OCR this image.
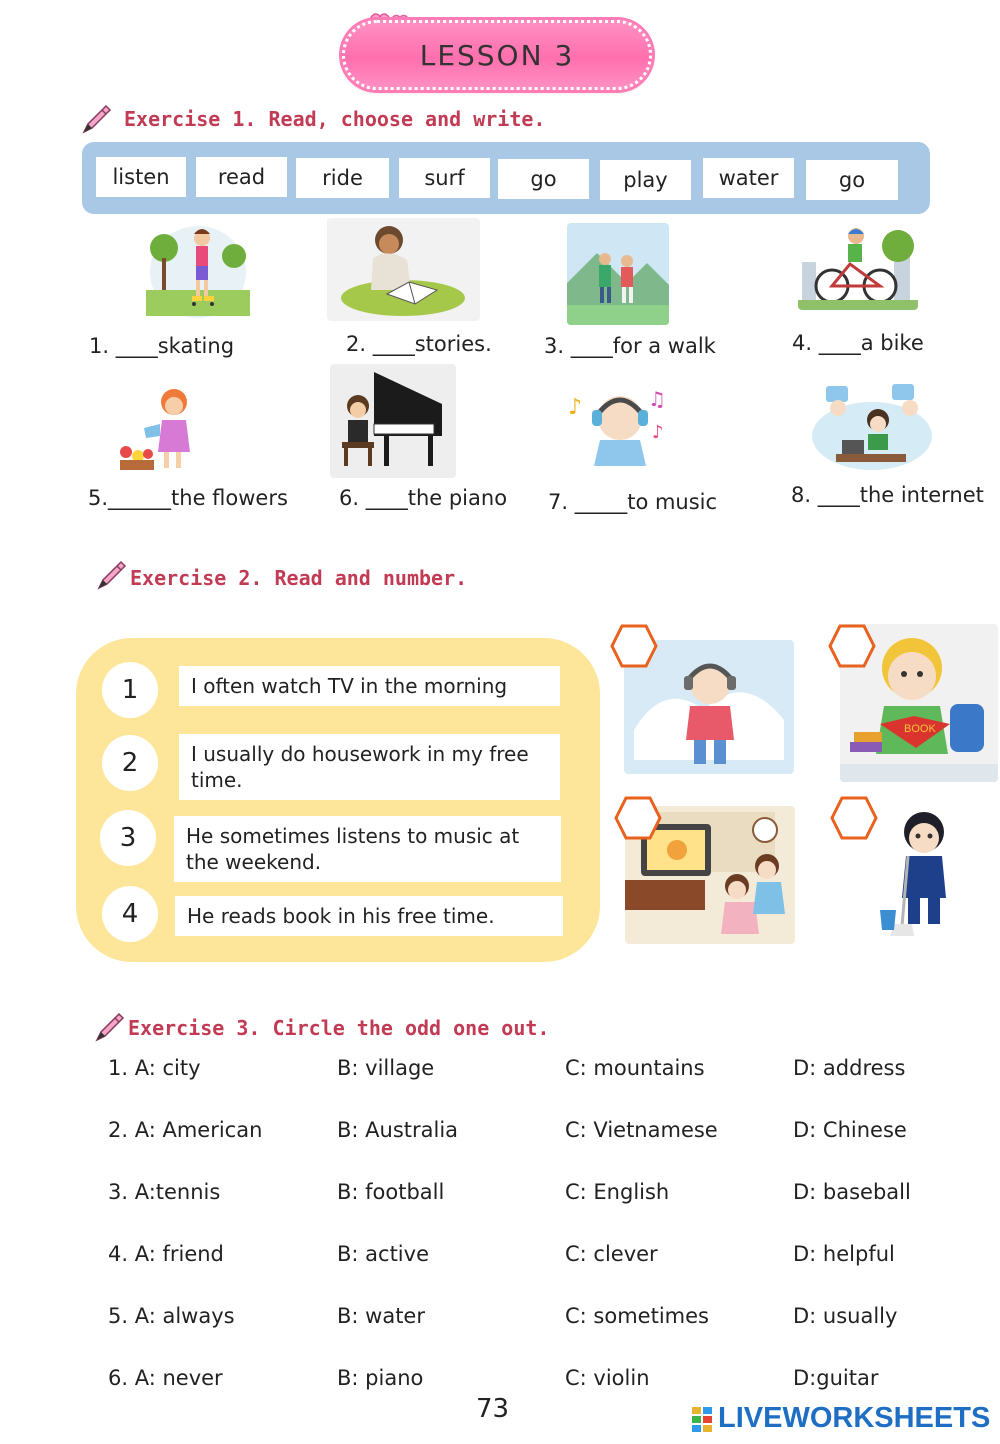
LESSON 3
Exercise 1. Read, choose and write.
listen	read	ride	surf	go	play	water	go
1. ____skating	2. ____stories. 3. ____for a walk	4. ____a bike
♪	♫
♪
5.______the flowers 6. ____the piano 7. _____to music	8. ____the internet
Exercise 2. Read and number.
1	I often watch TV in the morning
2	I usually do housework in my free time.
3	He sometimes listens to music at the weekend.
4	He reads book in his free time.
BOOK
Exercise 3. Circle the odd one out.
1. A: city	B: village	C: mountains	D: address
2. A: American	B: Australia	C: Vietnamese	D: Chinese
3. A:tennis	B: football	C: English	D: baseball
4. A: friend	B: active	C: clever	D: helpful
5. A: always	B: water	C: sometimes	D: usually
6. A: never	B: piano	C: violin	D:guitar
73	LIVEWORKSHEETS
